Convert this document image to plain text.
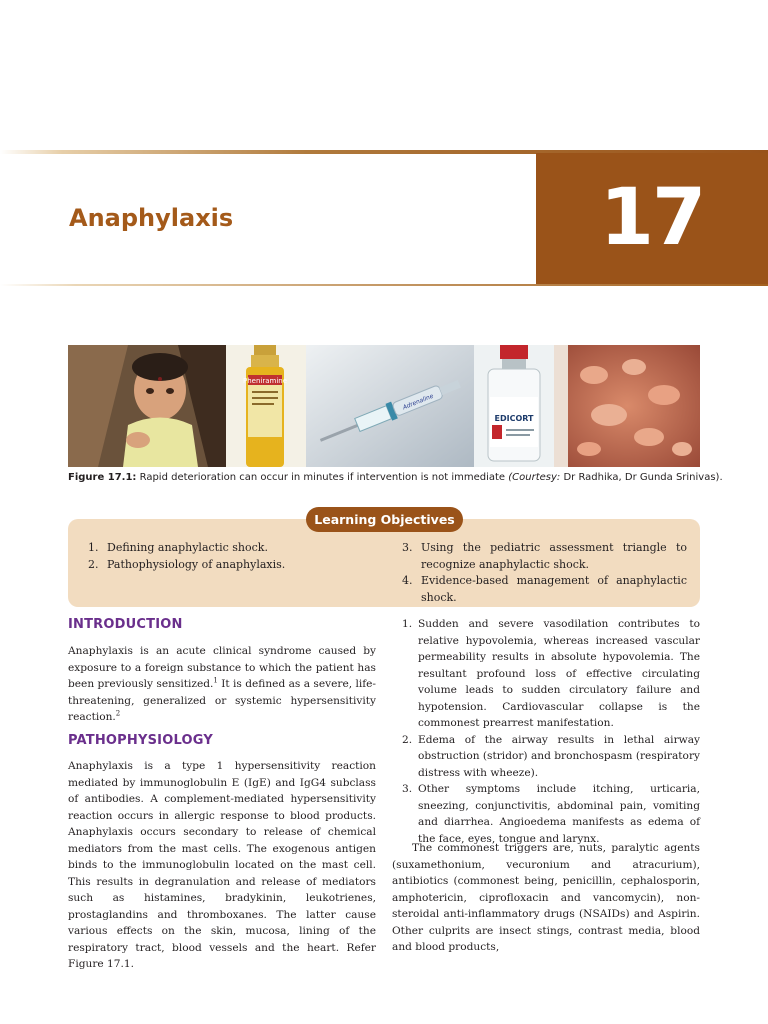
Anaphylaxis	17
Pheniramine
Adrenaline
EDICORT

Figure 17.1: Rapid deterioration can occur in minutes if intervention is not immediate (Courtesy: Dr Radhika, Dr Gunda Srinivas).

Learning Objectives
1. Defining anaphylactic shock.
2. Pathophysiology of anaphylaxis.
3. Using the pediatric assessment triangle to recognize anaphylactic shock.
4. Evidence-based management of anaphylactic shock.
INTRODUCTION

Anaphylaxis is an acute clinical syndrome caused by exposure to a foreign substance to which the patient has been previously sensitized.$^1$ It is defined as a severe, life-threatening, generalized or systemic hypersensitivity reaction.$^2$

PATHOPHYSIOLOGY

Anaphylaxis is a type 1 hypersensitivity reaction mediated by immunoglobulin E (IgE) and IgG4 subclass of antibodies. A complement-mediated hypersensitivity reaction occurs in allergic response to blood products. Anaphylaxis occurs secondary to release of chemical mediators from the mast cells. The exogenous antigen binds to the immunoglobulin located on the mast cell. This results in degranulation and release of mediators such as histamines, bradykinin, leukotrienes, prostaglandins and thromboxanes. The latter cause various effects on the skin, mucosa, lining of the respiratory tract, blood vessels and the heart. Refer Figure 17.1.

1. Sudden and severe vasodilation contributes to relative hypovolemia, whereas increased vascular permeability results in absolute hypovolemia. The resultant profound loss of effective circulating volume leads to sudden circulatory failure and hypotension. Cardiovascular collapse is the commonest prearrest manifestation.
2. Edema of the airway results in lethal airway obstruction (stridor) and bronchospasm (respiratory distress with wheeze).
3. Other symptoms include itching, urticaria, sneezing, conjunctivitis, abdominal pain, vomiting and diarrhea. Angioedema manifests as edema of the face, eyes, tongue and larynx.

The commonest triggers are, nuts, paralytic agents (suxamethonium, vecuronium and atracurium), antibiotics (commonest being, penicillin, cephalosporin, amphotericin, ciprofloxacin and vancomycin), non-steroidal anti-inflammatory drugs (NSAIDs) and Aspirin. Other culprits are insect stings, contrast media, blood and blood products,
